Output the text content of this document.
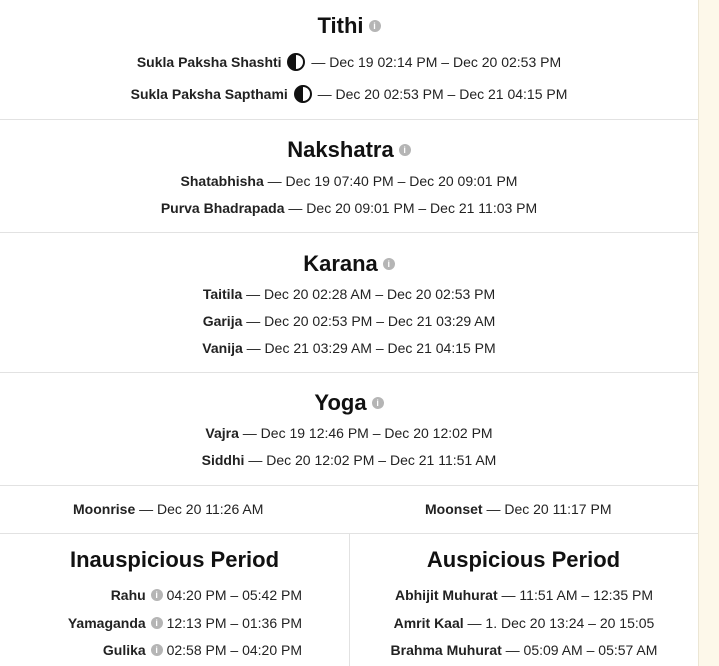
Tithi i
Sukla Paksha Shashti — Dec 19 02:14 PM – Dec 20 02:53 PM
Sukla Paksha Sapthami — Dec 20 02:53 PM – Dec 21 04:15 PM
Nakshatra i
Shatabhisha — Dec 19 07:40 PM – Dec 20 09:01 PM
Purva Bhadrapada — Dec 20 09:01 PM – Dec 21 11:03 PM
Karana i
Taitila — Dec 20 02:28 AM – Dec 20 02:53 PM
Garija — Dec 20 02:53 PM – Dec 21 03:29 AM
Vanija — Dec 21 03:29 AM – Dec 21 04:15 PM
Yoga i
Vajra — Dec 19 12:46 PM – Dec 20 12:02 PM
Siddhi — Dec 20 12:02 PM – Dec 21 11:51 AM
Moonrise — Dec 20 11:26 AM	Moonset — Dec 20 11:17 PM
Inauspicious Period
Rahu i 04:20 PM – 05:42 PM
Yamaganda i 12:13 PM – 01:36 PM
Gulika i 02:58 PM – 04:20 PM
Auspicious Period
Abhijit Muhurat — 11:51 AM – 12:35 PM
Amrit Kaal — 1. Dec 20 13:24 – 20 15:05
Brahma Muhurat — 05:09 AM – 05:57 AM
